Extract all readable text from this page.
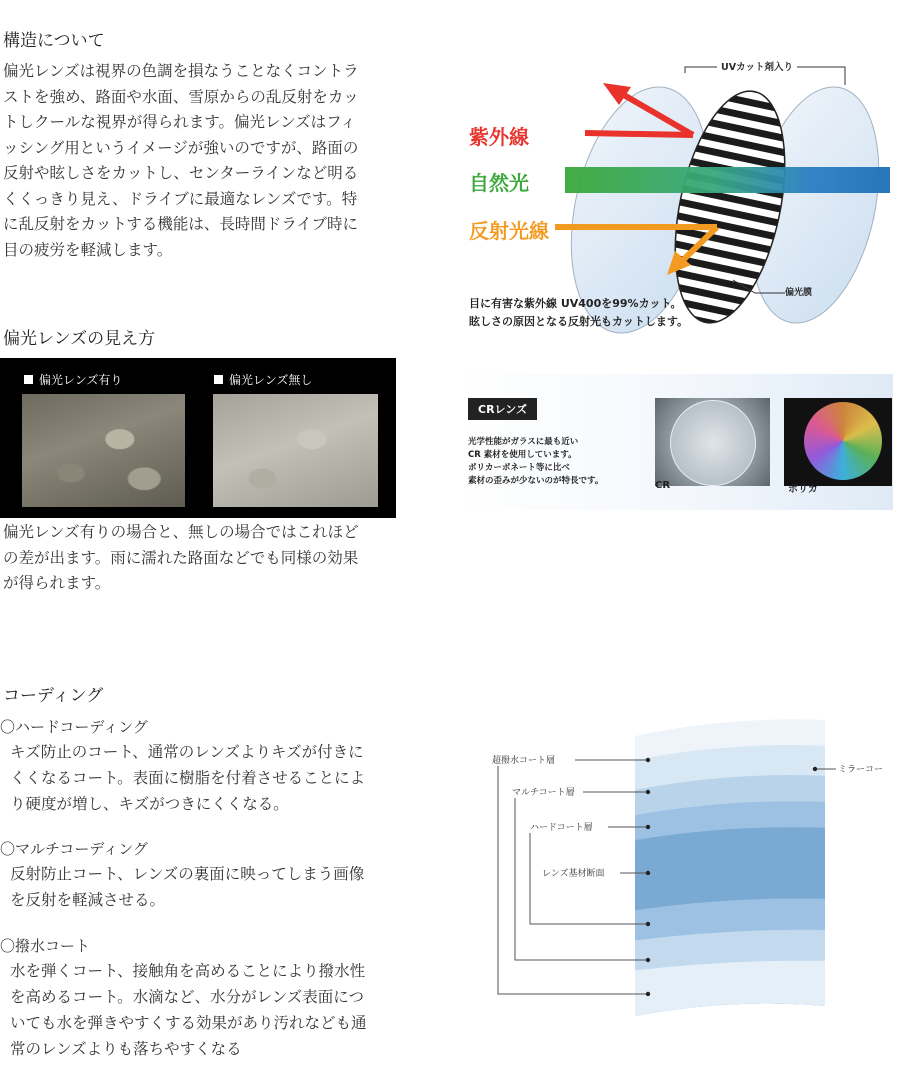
構造について
偏光レンズは視界の色調を損なうことなくコントラ
ストを強め、路面や水面、雪原からの乱反射をカッ
トしクールな視界が得られます。偏光レンズはフィ
ッシング用というイメージが強いのですが、路面の
反射や眩しさをカットし、センターラインなど明る
くくっきり見え、ドライブに最適なレンズです。特
に乱反射をカットする機能は、長時間ドライブ時に
目の疲労を軽減します。
UVカット剤入り
紫外線
自然光
反射光線
偏光膜
目に有害な紫外線 UV400を99%カット。
眩しさの原因となる反射光もカットします。
偏光レンズの見え方
偏光レンズ有り	偏光レンズ無し
偏光レンズ有りの場合と、無しの場合ではこれほど
の差が出ます。雨に濡れた路面などでも同様の効果
が得られます。
CRレンズ
光学性能がガラスに最も近い
CR 素材を使用しています。
ポリカーボネート等に比べ
素材の歪みが少ないのが特長です。	CR	ポリカ
コーディング
〇ハードコーディング
キズ防止のコート、通常のレンズよりキズが付きに
くくなるコート。表面に樹脂を付着させることによ
り硬度が増し、キズがつきにくくなる。
〇マルチコーディング
反射防止コート、レンズの裏面に映ってしまう画像
を反射を軽減させる。
〇撥水コート
水を弾くコート、接触角を高めることにより撥水性
を高めるコート。水滴など、水分がレンズ表面につ
いても水を弾きやすくする効果があり汚れなども通
常のレンズよりも落ちやすくなる
超撥水コート層
マルチコート層
ハードコート層
レンズ基材断面
ミラーコー
